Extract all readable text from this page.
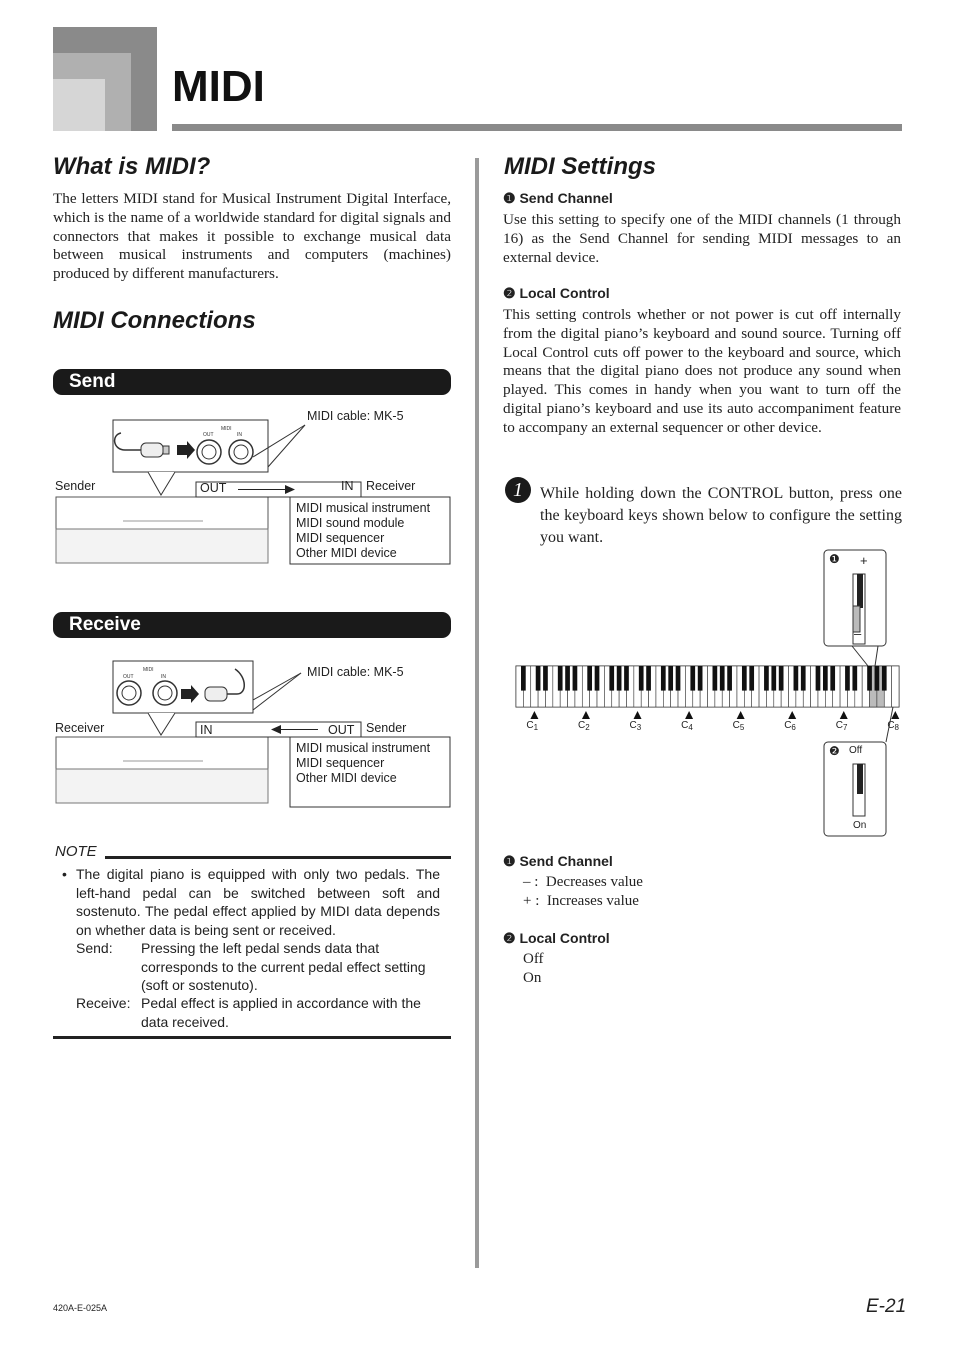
MIDI
What is MIDI?
The letters MIDI stand for Musical Instrument Digital Interface, which is the name of a worldwide standard for digital signals and connectors that makes it possible to exchange musical data between musical instruments and computers (machines) produced by different manufacturers.
MIDI Connections
Send
MIDI
OUT	IN
MIDI cable: MK-5
Sender	OUT	IN Receiver
MIDI musical instrument
MIDI sound module
MIDI sequencer
Other MIDI device
Receive
MIDI
OUT	IN	MIDI cable: MK-5
Receiver	IN	OUT Sender
MIDI musical instrument
MIDI sequencer
Other MIDI device
NOTE
• The digital piano is equipped with only two pedals. The left-hand pedal can be switched between soft and sostenuto. The pedal effect applied by MIDI data depends on whether data is being sent or received.
Send: Pressing the left pedal sends data that corresponds to the current pedal effect setting (soft or sostenuto).
Receive: Pedal effect is applied in accordance with the data received.
MIDI Settings
❶ Send Channel
Use this setting to specify one of the MIDI channels (1 through 16) as the Send Channel for sending MIDI messages to an external device.
❷ Local Control
This setting controls whether or not power is cut off internally from the digital piano’s keyboard and sound source. Turning off Local Control cuts off power to the keyboard and source, which means that the digital piano does not produce any sound when played. This comes in handy when you want to turn off the digital piano’s keyboard and use its auto accompaniment feature to accompany an external sequencer or other device.
1	While holding down the CONTROL button, press one the keyboard keys shown below to configure the setting you want.
❶ +
–
❷ Off
On
$C_1$	$C_2$	$C_3$	$C_4$	$C_5$	$C_6$	$C_7$	$C_8$
❶ Send Channel
– :  Decreases value
+ :  Increases value
❷ Local Control
Off
On
420A-E-025A	E-21
